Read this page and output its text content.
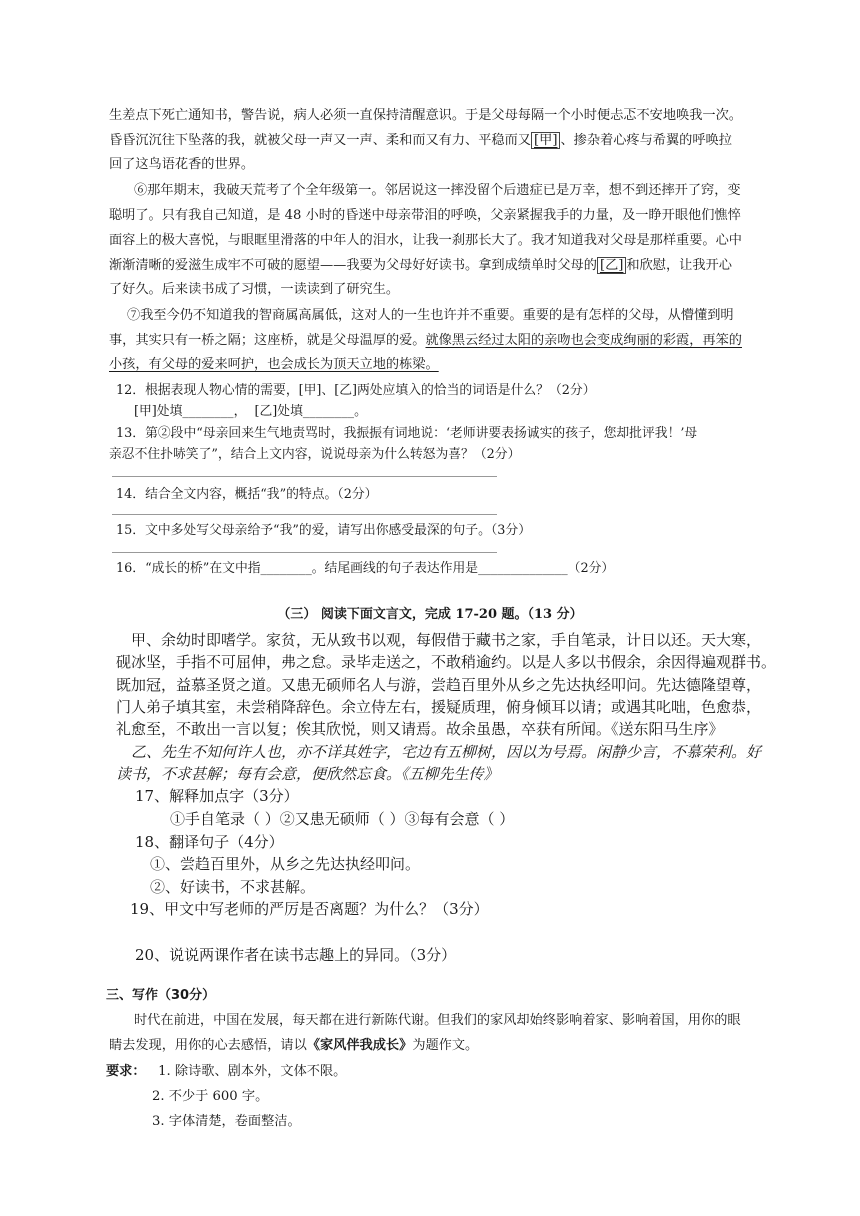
生差点下死亡通知书，警告说，病人必须一直保持清醒意识。于是父母每隔一个小时便忐忑不安地唤我一次。
昏昏沉沉往下坠落的我，就被父母一声又一声、柔和而又有力、平稳而又 [甲] 、掺杂着心疼与希翼的呼唤拉
回了这鸟语花香的世界。
⑥那年期末，我破天荒考了个全年级第一。邻居说这一摔没留个后遗症已是万幸，想不到还摔开了窍，变
聪明了。只有我自己知道，是 48 小时的昏迷中母亲带泪的呼唤，父亲紧握我手的力量，及一睁开眼他们憔悴
面容上的极大喜悦，与眼眶里滑落的中年人的泪水，让我一刹那长大了。我才知道我对父母是那样重要。心中
渐渐清晰的爱滋生成牢不可破的愿望——我要为父母好好读书。拿到成绩单时父母的 [乙] 和欣慰，让我开心
了好久。后来读书成了习惯，一读读到了研究生。
⑦我至今仍不知道我的智商属高属低，这对人的一生也许并不重要。重要的是有怎样的父母，从懵懂到明
事，其实只有一桥之隔；这座桥，就是父母温厚的爱。就像黑云经过太阳的亲吻也会变成绚丽的彩霞，再笨的
小孩，有父母的爱来呵护，也会成长为顶天立地的栋梁。
12．根据表现人物心情的需要，[甲]、[乙]两处应填入的恰当的词语是什么？（2分）
[甲]处填________， [乙]处填________。
13．第②段中“母亲回来生气地责骂时，我振振有词地说：‘老师讲要表扬诚实的孩子，您却批评我！’母
亲忍不住扑哧笑了”，结合上文内容，说说母亲为什么转怒为喜？（2分）
14．结合全文内容，概括“我”的特点。（2分）
15．文中多处写父母亲给予“我”的爱，请写出你感受最深的句子。（3分）
16．“成长的桥”在文中指________。结尾画线的句子表达作用是______________（2分）
（三） 阅读下面文言文，完成 17-20 题。（13 分）
甲、余幼时即嗜学。家贫，无从致书以观，每假借于藏书之家，手自笔录，计日以还。天大寒，
砚冰坚，手指不可屈伸，弗之怠。录毕走送之，不敢稍逾约。以是人多以书假余，余因得遍观群书。
既加冠，益慕圣贤之道。又患无硕师名人与游，尝趋百里外从乡之先达执经叩问。先达德隆望尊，
门人弟子填其室，未尝稍降辞色。余立侍左右，援疑质理，俯身倾耳以请；或遇其叱咄，色愈恭，
礼愈至，不敢出一言以复；俟其欣悦，则又请焉。故余虽愚，卒获有所闻。《送东阳马生序》
乙、先生不知何许人也，亦不详其姓字，宅边有五柳树，因以为号焉。闲静少言，不慕荣利。好
读书，不求甚解；每有会意，便欣然忘食。《五柳先生传》
17、解释加点字（3分）
①手自笔录（ ）②又患无硕师（ ）③每有会意（ ）
18、翻译句子（4分）
①、尝趋百里外，从乡之先达执经叩问。
②、好读书，不求甚解。
19、甲文中写老师的严厉是否离题？为什么？（3分）
20、说说两课作者在读书志趣上的异同。（3分）
三、写作（30分）
时代在前进，中国在发展，每天都在进行新陈代谢。但我们的家风却始终影响着家、影响着国，用你的眼
睛去发现，用你的心去感悟，请以《家风伴我成长》为题作文。
要求： 1. 除诗歌、剧本外，文体不限。
2. 不少于 600 字。
3. 字体清楚，卷面整洁。
